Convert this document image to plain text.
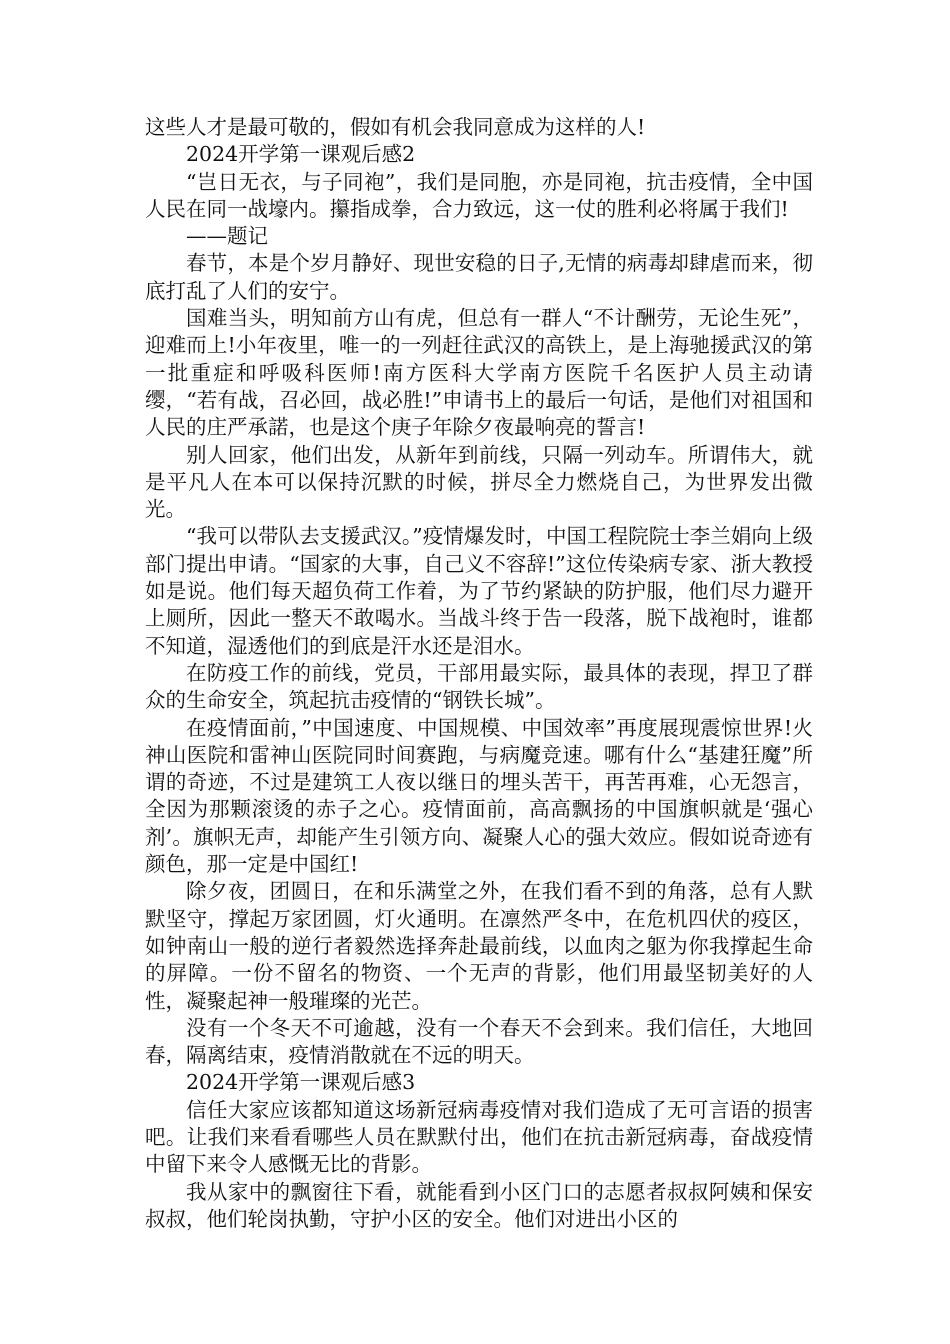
这些人才是最可敬的，假如有机会我同意成为这样的人!

2024开学第一课观后感2

“岂日无衣，与子同袍”，我们是同胞，亦是同袍，抗击疫情，全中国人民在同一战壕内。攥指成拳，合力致远，这一仗的胜利必将属于我们!

——题记

春节，本是个岁月静好、现世安稳的日子,无情的病毒却肆虐而来，彻底打乱了人们的安宁。

国难当头，明知前方山有虎，但总有一群人“不计酬劳，无论生死”，迎难而上!小年夜里，唯一的一列赶往武汉的高铁上，是上海驰援武汉的第一批重症和呼吸科医师!南方医科大学南方医院千名医护人员主动请缨，“若有战，召必回，战必胜!”申请书上的最后一句话，是他们对祖国和人民的庄严承諾，也是这个庚子年除夕夜最响亮的誓言!

别人回家，他们出发，从新年到前线，只隔一列动车。所谓伟大，就是平凡人在本可以保持沉默的时候，拼尽全力燃烧自己，为世界发出微光。

“我可以带队去支援武汉。”疫情爆发时，中国工程院院士李兰娟向上级部门提出申请。“国家的大事，自己义不容辞!”这位传染病专家、浙大教授如是说。他们每天超负荷工作着，为了节约紧缺的防护服，他们尽力避开上厕所，因此一整天不敢喝水。当战斗终于告一段落，脱下战袍时，谁都不知道，湿透他们的到底是汗水还是泪水。

在防疫工作的前线，党员，干部用最实际，最具体的表现，捍卫了群众的生命安全，筑起抗击疫情的“钢铁长城”。

在疫情面前，”中国速度、中国规模、中国效率”再度展现震惊世界!火神山医院和雷神山医院同时间赛跑，与病魔竞速。哪有什么“基建狂魔”所谓的奇迹，不过是建筑工人夜以继日的埋头苦干，再苦再难，心无怨言，全因为那颗滚烫的赤子之心。疫情面前，高高飘扬的中国旗帜就是‘强心剂’。旗帜无声，却能产生引领方向、凝聚人心的强大效应。假如说奇迹有颜色，那一定是中国红!

除夕夜，团圆日，在和乐满堂之外，在我们看不到的角落，总有人默默坚守，撑起万家团圆，灯火通明。在凛然严冬中，在危机四伏的疫区，如钟南山一般的逆行者毅然选择奔赴最前线，以血肉之躯为你我撑起生命的屏障。一份不留名的物资、一个无声的背影，他们用最坚韧美好的人性，凝聚起神一般璀璨的光芒。

没有一个冬天不可逾越，没有一个春天不会到来。我们信任，大地回春，隔离结束，疫情消散就在不远的明天。

2024开学第一课观后感3

信任大家应该都知道这场新冠病毒疫情对我们造成了无可言语的损害吧。让我们来看看哪些人员在默默付出，他们在抗击新冠病毒，奋战疫情中留下来令人感慨无比的背影。

我从家中的飘窗往下看，就能看到小区门口的志愿者叔叔阿姨和保安叔叔，他们轮岗执勤，守护小区的安全。他们对进出小区的
